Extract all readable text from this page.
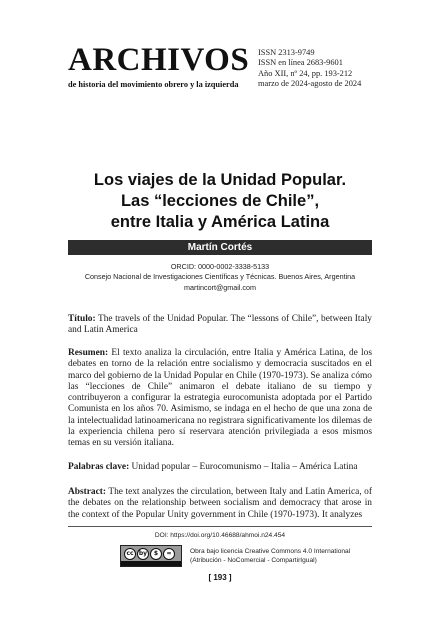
ARCHIVOS
de historia del movimiento obrero y la izquierda
ISSN 2313-9749
ISSN en línea 2683-9601
Año XII, nº 24, pp. 193-212
marzo de 2024-agosto de 2024
Los viajes de la Unidad Popular.
Las “lecciones de Chile”,
entre Italia y América Latina
Martín Cortés
ORCID: 0000-0002-3338-5133
Consejo Nacional de Investigaciones Científicas y Técnicas. Buenos Aires, Argentina
martincort@gmail.com
Título: The travels of the Unidad Popular. The “lessons of Chile”, between Italy and Latin America
Resumen: El texto analiza la circulación, entre Italia y América Latina, de los debates en torno de la relación entre socialismo y democracia suscitados en el marco del gobierno de la Unidad Popular en Chile (1970-1973). Se analiza cómo las “lecciones de Chile” animaron el debate italiano de su tiempo y contribuyeron a configurar la estrategia eurocomunista adoptada por el Partido Comunista en los años 70. Asimismo, se indaga en el hecho de que una zona de la intelectualidad latinoamericana no registrara significativamente los dilemas de la experiencia chilena pero sí reservara atención privilegiada a esos mismos temas en su versión italiana.
Palabras clave: Unidad popular – Eurocomunismo – Italia – América Latina
Abstract: The text analyzes the circulation, between Italy and Latin America, of the debates on the relationship between socialism and democracy that arose in the context of the Popular Unity government in Chile (1970-1973). It analyzes
DOI: https://doi.org/10.46688/ahmoi.n24.454
cc by $ =	Obra bajo licencia Creative Commons 4.0 International
(Atribución - NoComercial - CompartirIgual)
[ 193 ]
